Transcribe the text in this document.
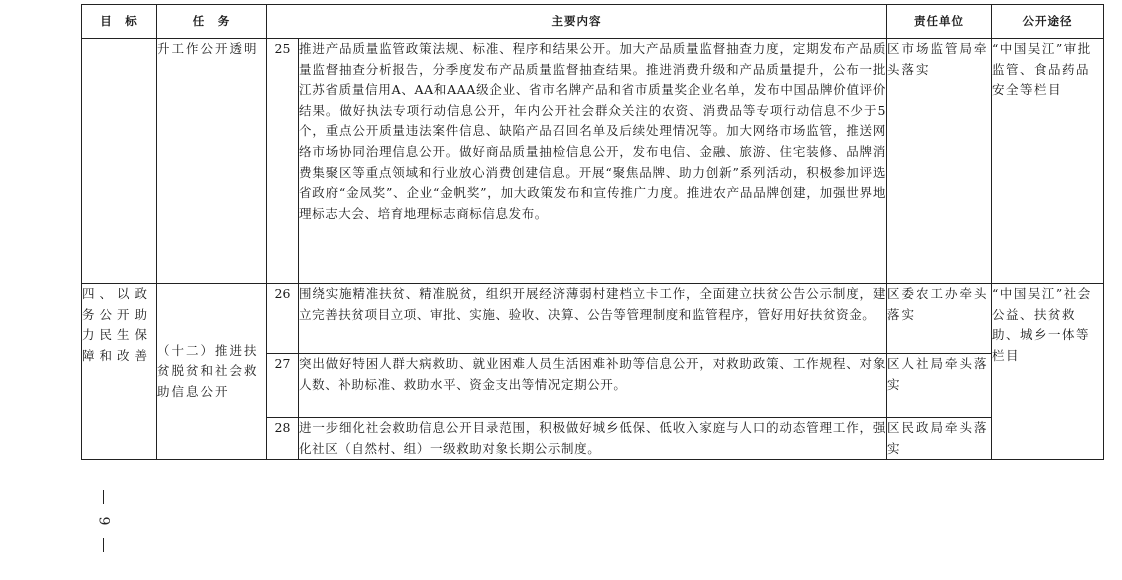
目　标	任　务	主要内容		责任单位	公开途径
	升工作公开透明	25	推进产品质量监管政策法规、标准、程序和结果公开。加大产品质量监督抽查力度，定期发布产品质量监督抽查分析报告，分季度发布产品质量监督抽查结果。推进消费升级和产品质量提升，公布一批江苏省质量信用A、AA和AAA级企业、省市名牌产品和省市质量奖企业名单，发布中国品牌价值评价结果。做好执法专项行动信息公开，年内公开社会群众关注的农资、消费品等专项行动信息不少于5个，重点公开质量违法案件信息、缺陷产品召回名单及后续处理情况等。加大网络市场监管，推送网络市场协同治理信息公开。做好商品质量抽检信息公开，发布电信、金融、旅游、住宅装修、品牌消费集聚区等重点领域和行业放心消费创建信息。开展“聚焦品牌、助力创新”系列活动，积极参加评选省政府“金凤奖”、企业“金帆奖”，加大政策发布和宣传推广力度。推进农产品品牌创建，加强世界地理标志大会、培育地理标志商标信息发布。	区市场监管局牵头落实	“中国吴江”审批监管、食品药品安全等栏目
四、以政务公开助力民生保障和改善	（十二）推进扶贫脱贫和社会救助信息公开	26	围绕实施精准扶贫、精准脱贫，组织开展经济薄弱村建档立卡工作，全面建立扶贫公告公示制度，建立完善扶贫项目立项、审批、实施、验收、决算、公告等管理制度和监管程序，管好用好扶贫资金。	区委农工办牵头落实	“中国吴江”社会公益、扶贫救助、城乡一体等栏目
		27	突出做好特困人群大病救助、就业困难人员生活困难补助等信息公开，对救助政策、工作规程、对象人数、补助标准、救助水平、资金支出等情况定期公开。	区人社局牵头落实	
		28	进一步细化社会救助信息公开目录范围，积极做好城乡低保、低收入家庭与人口的动态管理工作，强化社区（自然村、组）一级救助对象长期公示制度。	区民政局牵头落实	
9
